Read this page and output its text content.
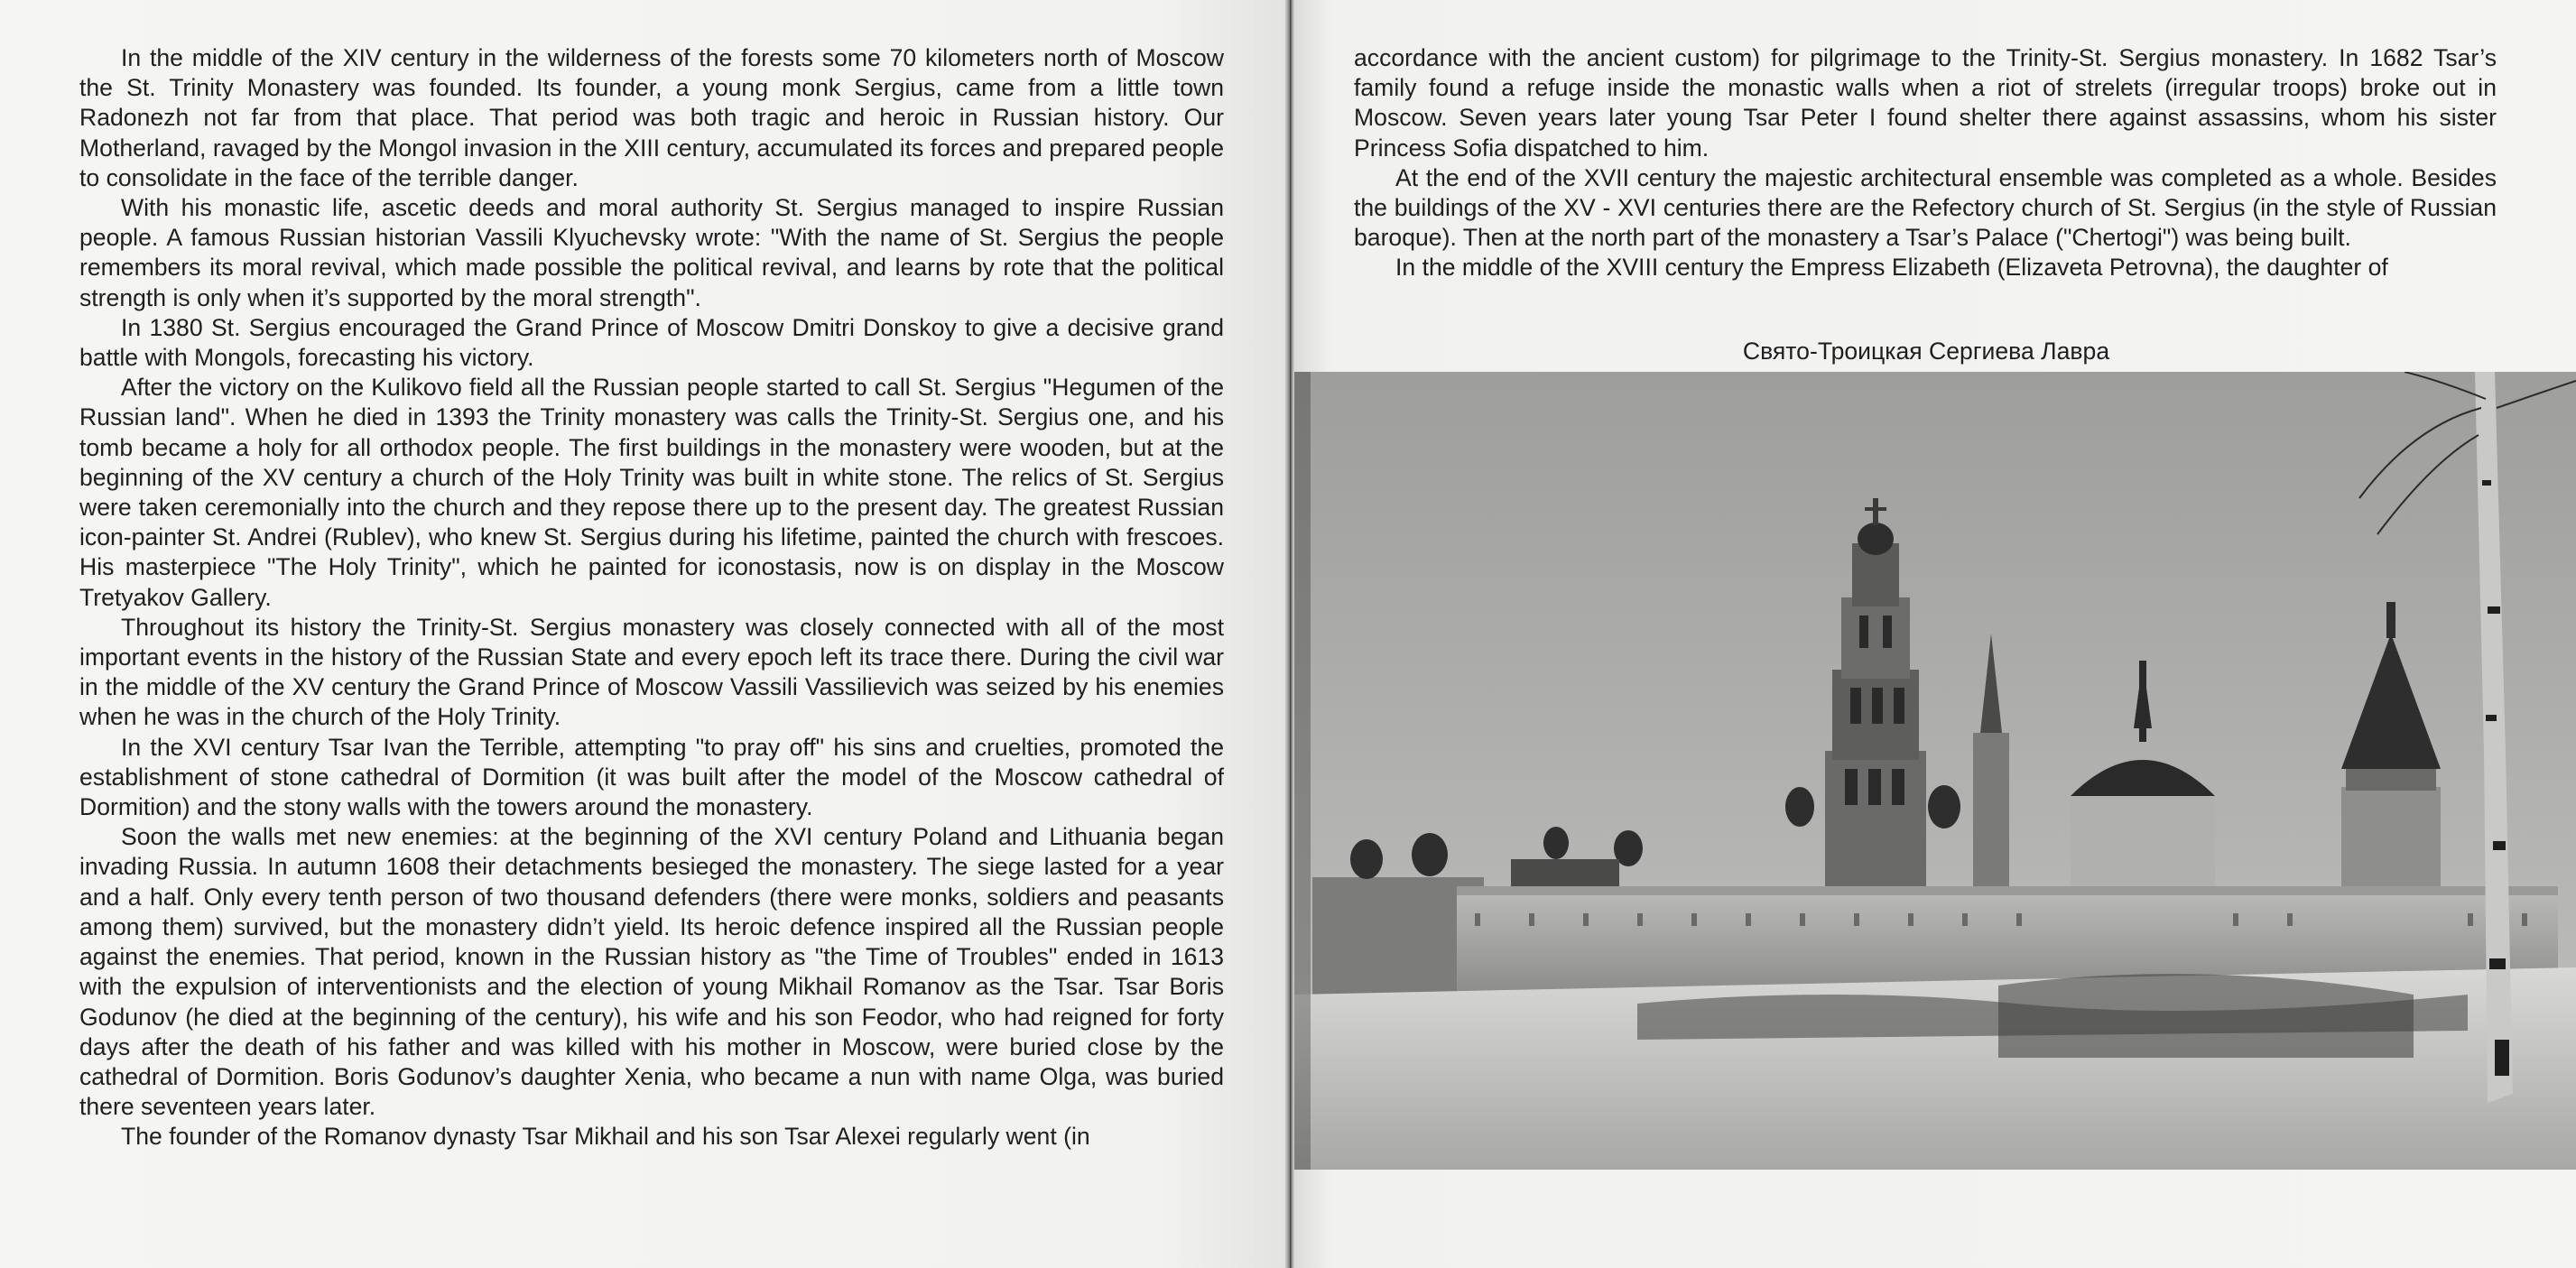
In the middle of the XIV century in the wilderness of the forests some 70 kilometers north of Moscow the St. Trinity Monastery was founded. Its founder, a young monk Sergius, came from a little town Radonezh not far from that place. That period was both tragic and heroic in Russian history. Our Motherland, ravaged by the Mongol invasion in the XIII century, accumulated its forces and prepared people to consolidate in the face of the terrible danger.

With his monastic life, ascetic deeds and moral authority St. Sergius managed to inspire Russian people. A famous Russian historian Vassili Klyuchevsky wrote: "With the name of St. Sergius the people remembers its moral revival, which made possible the political revival, and learns by rote that the political strength is only when it’s supported by the moral strength".

In 1380 St. Sergius encouraged the Grand Prince of Moscow Dmitri Donskoy to give a decisive grand battle with Mongols, forecasting his victory.

After the victory on the Kulikovo field all the Russian people started to call St. Sergius "Hegumen of the Russian land". When he died in 1393 the Trinity monastery was calls the Trinity-St. Sergius one, and his tomb became a holy for all orthodox people. The first buildings in the monastery were wooden, but at the beginning of the XV century a church of the Holy Trinity was built in white stone. The relics of St. Sergius were taken ceremonially into the church and they repose there up to the present day. The greatest Russian icon-painter St. Andrei (Rublev), who knew St. Sergius during his lifetime, painted the church with frescoes. His masterpiece "The Holy Trinity", which he painted for iconostasis, now is on display in the Moscow Tretyakov Gallery.

Throughout its history the Trinity-St. Sergius monastery was closely connected with all of the most important events in the history of the Russian State and every epoch left its trace there. During the civil war in the middle of the XV century the Grand Prince of Moscow Vassili Vassilievich was seized by his enemies when he was in the church of the Holy Trinity.

In the XVI century Tsar Ivan the Terrible, attempting "to pray off" his sins and cruelties, promoted the establishment of stone cathedral of Dormition (it was built after the model of the Moscow cathedral of Dormition) and the stony walls with the towers around the monastery.

Soon the walls met new enemies: at the beginning of the XVI century Poland and Lithuania began invading Russia. In autumn 1608 their detachments besieged the monastery. The siege lasted for a year and a half. Only every tenth person of two thousand defenders (there were monks, soldiers and peasants among them) survived, but the monastery didn’t yield. Its heroic defence inspired all the Russian people against the enemies. That period, known in the Russian history as "the Time of Troubles" ended in 1613 with the expulsion of interventionists and the election of young Mikhail Romanov as the Tsar. Tsar Boris Godunov (he died at the beginning of the century), his wife and his son Feodor, who had reigned for forty days after the death of his father and was killed with his mother in Moscow, were buried close by the cathedral of Dormition. Boris Godunov’s daughter Xenia, who became a nun with name Olga, was buried there seventeen years later.

The founder of the Romanov dynasty Tsar Mikhail and his son Tsar Alexei regularly went (in

accordance with the ancient custom) for pilgrimage to the Trinity-St. Sergius monastery. In 1682 Tsar’s family found a refuge inside the monastic walls when a riot of strelets (irregular troops) broke out in Moscow. Seven years later young Tsar Peter I found shelter there against assassins, whom his sister Princess Sofia dispatched to him.

At the end of the XVII century the majestic architectural ensemble was completed as a whole. Besides the buildings of the XV - XVI centuries there are the Refectory church of St. Sergius (in the style of Russian baroque). Then at the north part of the monastery a Tsar’s Palace ("Chertogi") was being built.

In the middle of the XVIII century the Empress Elizabeth (Elizaveta Petrovna), the daughter of

Свято-Троицкая Сергиева Лавра
